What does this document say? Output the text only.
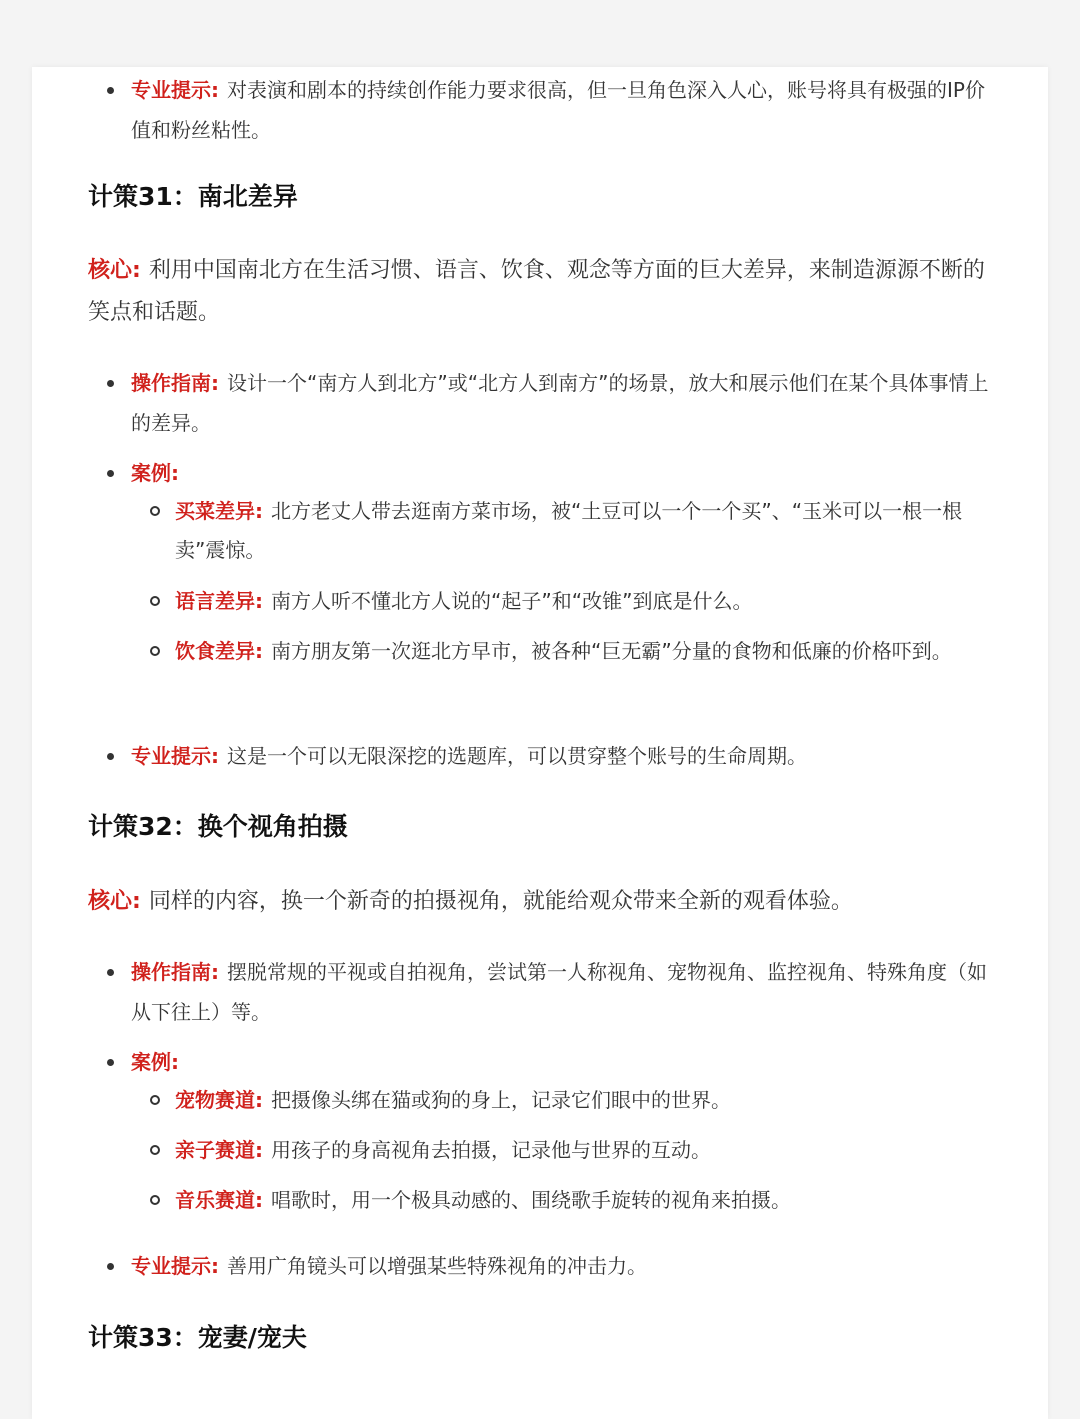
专业提示: 对表演和剧本的持续创作能力要求很高，但一旦角色深入人心，账号将具有极强的IP价值和粉丝粘性。

计策31：南北差异

核心: 利用中国南北方在生活习惯、语言、饮食、观念等方面的巨大差异，来制造源源不断的笑点和话题。

操作指南: 设计一个“南方人到北方”或“北方人到南方”的场景，放大和展示他们在某个具体事情上的差异。

案例:

买菜差异: 北方老丈人带去逛南方菜市场，被“土豆可以一个一个买”、“玉米可以一根一根卖”震惊。

语言差异: 南方人听不懂北方人说的“起子”和“改锥”到底是什么。

饮食差异: 南方朋友第一次逛北方早市，被各种“巨无霸”分量的食物和低廉的价格吓到。

专业提示: 这是一个可以无限深挖的选题库，可以贯穿整个账号的生命周期。

计策32：换个视角拍摄

核心: 同样的内容，换一个新奇的拍摄视角，就能给观众带来全新的观看体验。

操作指南: 摆脱常规的平视或自拍视角，尝试第一人称视角、宠物视角、监控视角、特殊角度（如从下往上）等。

案例:

宠物赛道: 把摄像头绑在猫或狗的身上，记录它们眼中的世界。

亲子赛道: 用孩子的身高视角去拍摄，记录他与世界的互动。

音乐赛道: 唱歌时，用一个极具动感的、围绕歌手旋转的视角来拍摄。

专业提示: 善用广角镜头可以增强某些特殊视角的冲击力。

计策33：宠妻/宠夫
